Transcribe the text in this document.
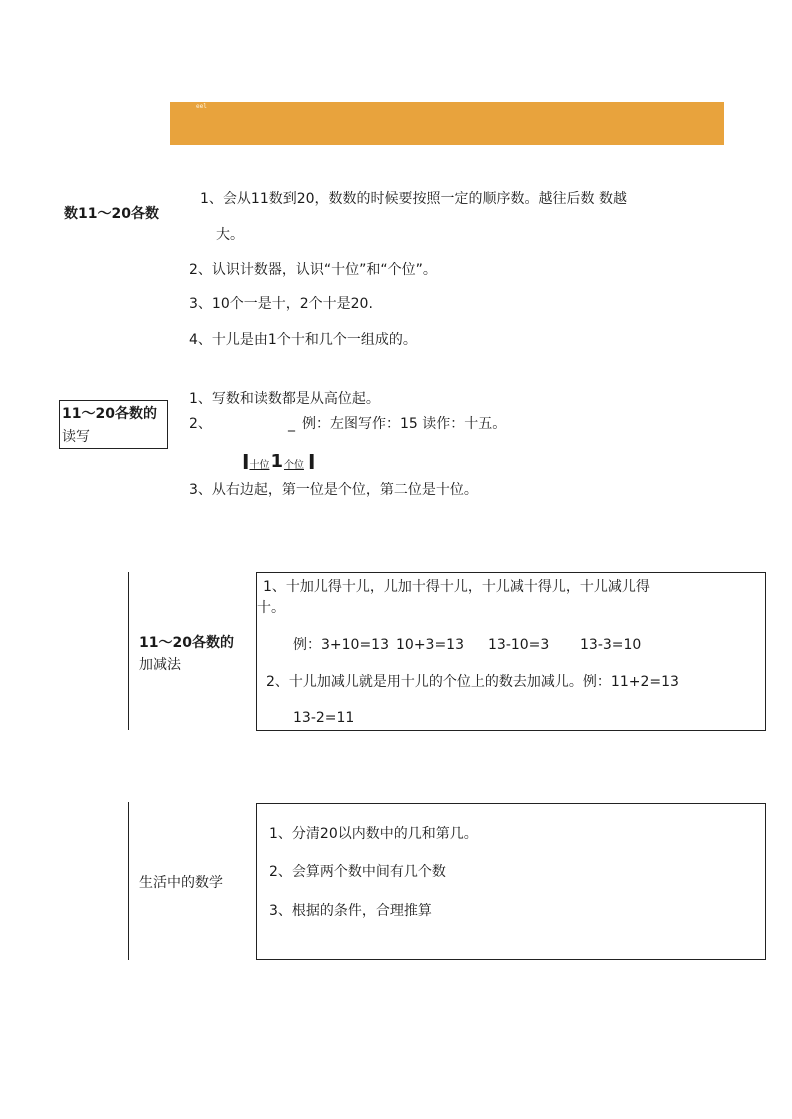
eel
数11～20各数
1、会从11数到20，数数的时候要按照一定的顺序数。越往后数 数越
大。
2、认识计数器，认识“十位”和“个位”。
3、10个一是十，2个十是20.
4、十儿是由1个十和几个一组成的。
11～20各数的
读写
1、写数和读数都是从高位起。
2、	_ 例：左图写作：15 读作：十五。
I 十位 1 个位 I
3、从右边起，第一位是个位，第二位是十位。
11～20各数的
加减法
1、十加儿得十儿，儿加十得十儿，十儿减十得儿，十儿减儿得
十。
例：3+10=13 10+3=13 13-10=3 13-3=10
2、十儿加减儿就是用十儿的个位上的数去加减儿。例：11+2=13
13-2=11
生活中的数学
1、分清20以内数中的几和第几。
2、会算两个数中间有几个数
3、根据的条件，合理推算
